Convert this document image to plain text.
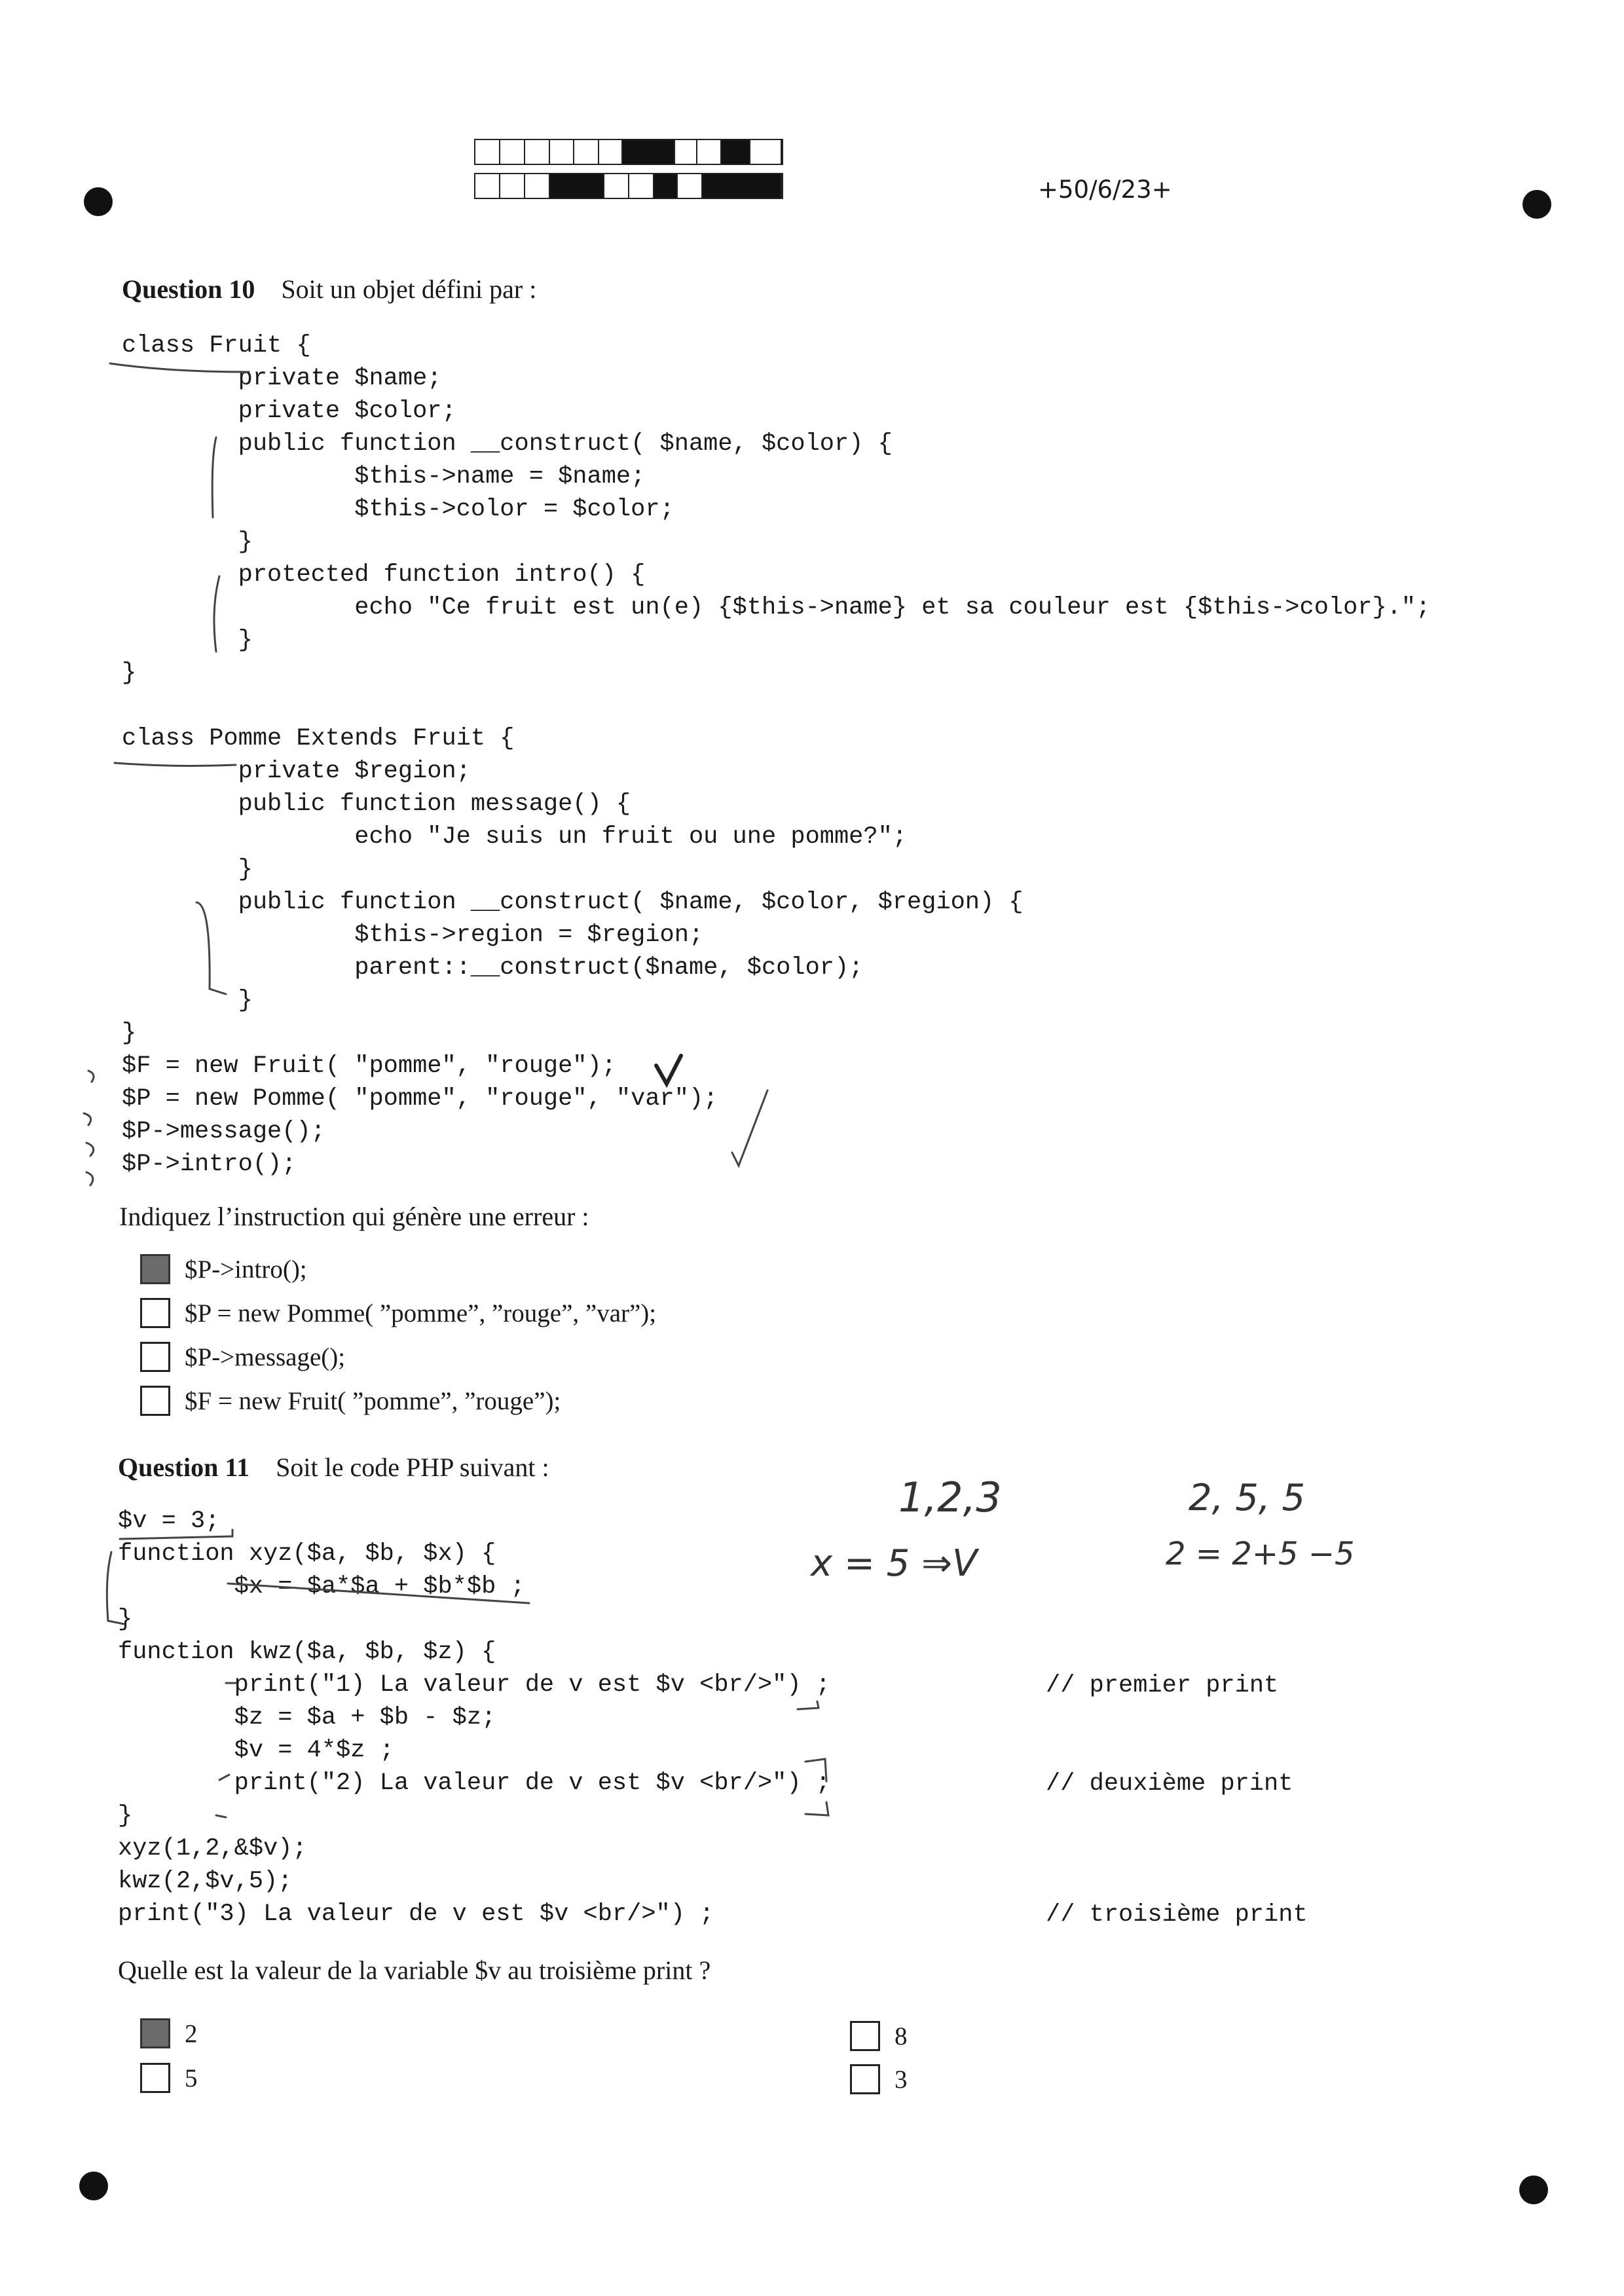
+50/6/23+
Question 10 Soit un objet défini par :
class Fruit {
private $name;
private $color;
public function __construct( $name, $color) {
$this->name = $name;
$this->color = $color;
}
protected function intro() {
echo "Ce fruit est un(e) {$this->name} et sa couleur est {$this->color}.";
}
}
class Pomme Extends Fruit {
private $region;
public function message() {
echo "Je suis un fruit ou une pomme?";
}
public function __construct( $name, $color, $region) {
$this->region = $region;
parent::__construct($name, $color);
}
}
$F = new Fruit( "pomme", "rouge");
$P = new Pomme( "pomme", "rouge", "var");
$P->message();
$P->intro();
Indiquez l’instruction qui génère une erreur :
$P->intro();
$P = new Pomme( ”pomme”, ”rouge”, ”var”);
$P->message();
$F = new Fruit( ”pomme”, ”rouge”);
Question 11 Soit le code PHP suivant :
$v = 3;
function xyz($a, $b, $x) {
$x = $a*$a + $b*$b ;
}
function kwz($a, $b, $z) {
print("1) La valeur de v est $v <br/>") ;
$z = $a + $b - $z;
$v = 4*$z ;
print("2) La valeur de v est $v <br/>") ;
}
xyz(1,2,&$v);
kwz(2,$v,5);
print("3) La valeur de v est $v <br/>") ;
// premier print
// deuxième print
// troisième print
Quelle est la valeur de la variable $v au troisième print ?
2	8
5	3
1,2,3
x = 5 ⇒V
2, 5, 5
2 = 2+5 −5
